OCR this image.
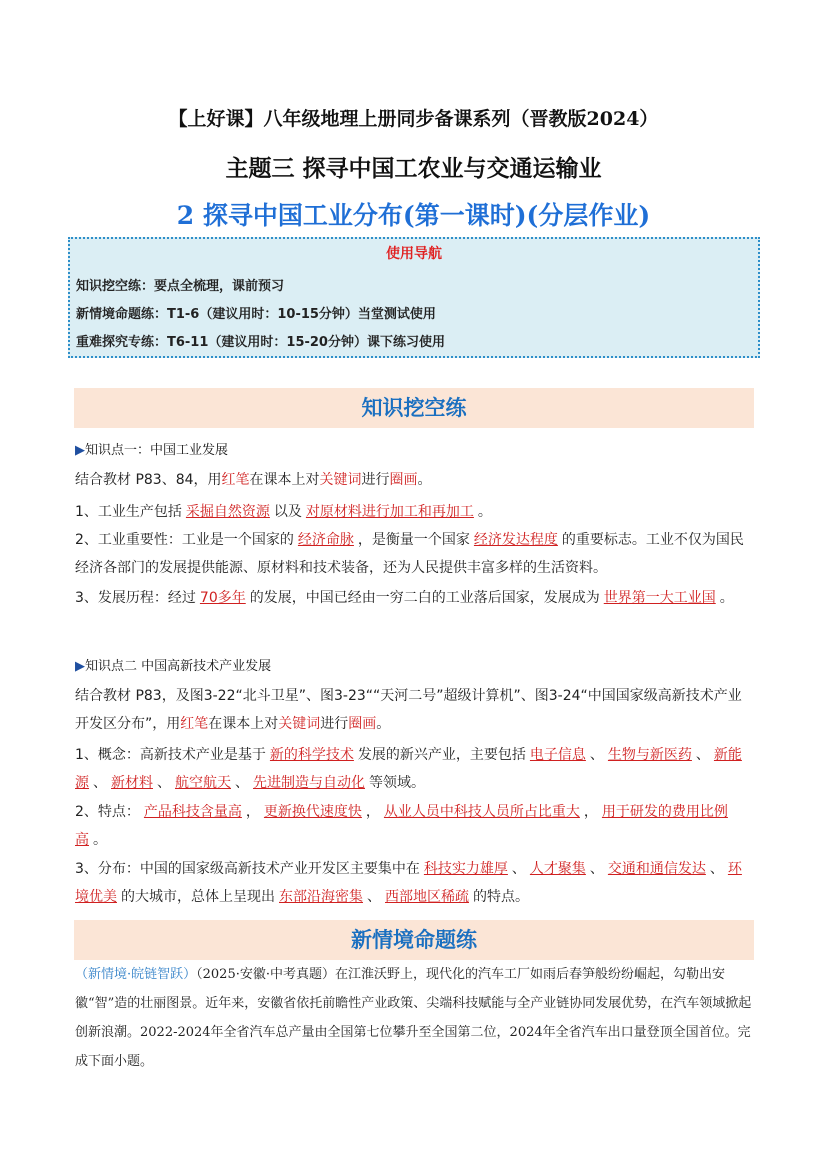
【上好课】八年级地理上册同步备课系列（晋教版2024）
主题三 探寻中国工农业与交通运输业
2 探寻中国工业分布(第一课时)(分层作业)
使用导航
知识挖空练：要点全梳理，课前预习
新情境命题练：T1-6（建议用时：10-15分钟）当堂测试使用
重难探究专练：T6-11（建议用时：15-20分钟）课下练习使用
知识挖空练
▶知识点一：中国工业发展
结合教材 P83、84，用红笔在课本上对关键词进行圈画。
1、工业生产包括 采掘自然资源 以及 对原材料进行加工和再加工 。
2、工业重要性：工业是一个国家的 经济命脉 ，是衡量一个国家 经济发达程度 的重要标志。工业不仅为国民经济各部门的发展提供能源、原材料和技术装备，还为人民提供丰富多样的生活资料。
3、发展历程：经过 70多年 的发展，中国已经由一穷二白的工业落后国家，发展成为 世界第一大工业国 。
▶知识点二 中国高新技术产业发展
结合教材 P83，及图3-22“北斗卫星”、图3-23““天河二号”超级计算机”、图3-24“中国国家级高新技术产业开发区分布”，用红笔在课本上对关键词进行圈画。
1、概念：高新技术产业是基于 新的科学技术 发展的新兴产业，主要包括 电子信息 、 生物与新医药 、 新能源 、 新材料 、 航空航天 、 先进制造与自动化 等领域。
2、特点： 产品科技含量高 ， 更新换代速度快 ， 从业人员中科技人员所占比重大 ， 用于研发的费用比例高 。
3、分布：中国的国家级高新技术产业开发区主要集中在 科技实力雄厚 、 人才聚集 、 交通和通信发达 、 环境优美 的大城市，总体上呈现出 东部沿海密集 、 西部地区稀疏 的特点。
新情境命题练
（新情境·皖链智跃）（2025·安徽·中考真题）在江淮沃野上，现代化的汽车工厂如雨后春笋般纷纷崛起，勾勒出安徽“智”造的壮丽图景。近年来，安徽省依托前瞻性产业政策、尖端科技赋能与全产业链协同发展优势，在汽车领域掀起创新浪潮。2022-2024年全省汽车总产量由全国第七位攀升至全国第二位，2024年全省汽车出口量登顶全国首位。完成下面小题。
